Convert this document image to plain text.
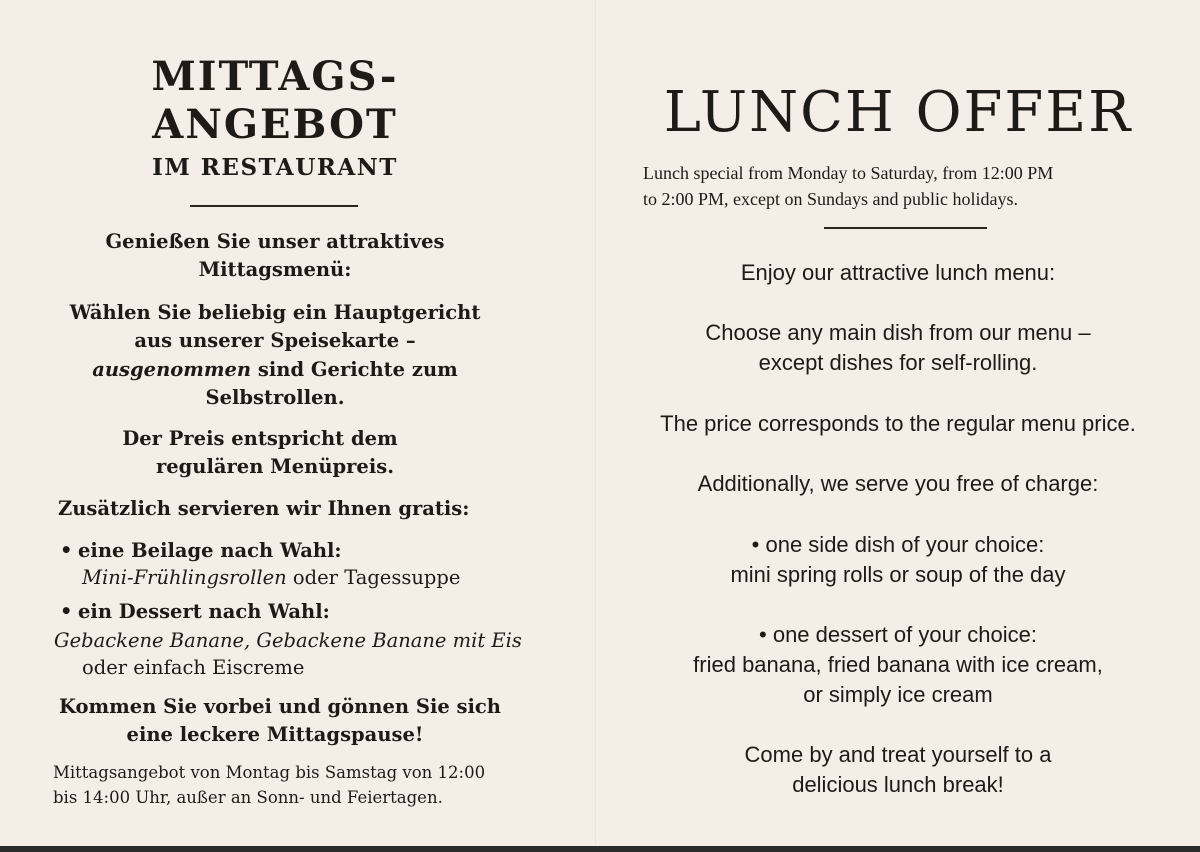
MITTAGS-
ANGEBOT
IM RESTAURANT
Genießen Sie unser attraktives
Mittagsmenü:
Wählen Sie beliebig ein Hauptgericht
aus unserer Speisekarte –
ausgenommen sind Gerichte zum
Selbstrollen.
Der Preis entspricht dem
regulären Menüpreis.
Zusätzlich servieren wir Ihnen gratis:
• eine Beilage nach Wahl:
Mini-Frühlingsrollen oder Tagessuppe
• ein Dessert nach Wahl:
Gebackene Banane, Gebackene Banane mit Eis
oder einfach Eiscreme
Kommen Sie vorbei und gönnen Sie sich
eine leckere Mittagspause!
Mittagsangebot von Montag bis Samstag von 12:00
bis 14:00 Uhr, außer an Sonn- und Feiertagen.
LUNCH OFFER
Lunch special from Monday to Saturday, from 12:00 PM
to 2:00 PM, except on Sundays and public holidays.
Enjoy our attractive lunch menu:
Choose any main dish from our menu –
except dishes for self-rolling.
The price corresponds to the regular menu price.
Additionally, we serve you free of charge:
• one side dish of your choice:
mini spring rolls or soup of the day
• one dessert of your choice:
fried banana, fried banana with ice cream,
or simply ice cream
Come by and treat yourself to a
delicious lunch break!
